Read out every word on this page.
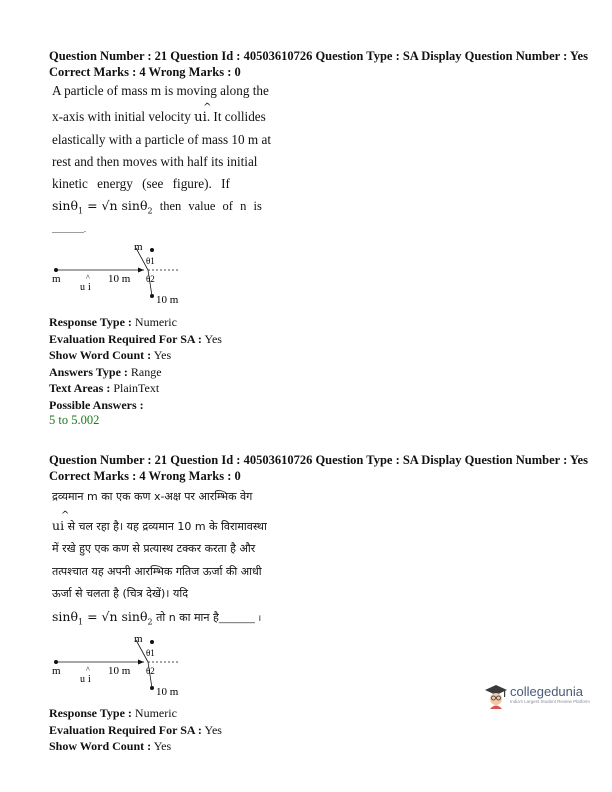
Question Number : 21 Question Id : 40503610726 Question Type : SA Display Question Number : Yes
Correct Marks : 4 Wrong Marks : 0
A particle of mass m is moving along the
x-axis with initial velocity ui
^
. It collides
elastically with a particle of mass 10 m at
rest and then moves with half its initial
kinetic energy (see figure). If
sinθ$_1$ = √n sinθ$_2$ then value of n is
________.
m
u i
^ 10 m
m
θ1
θ2
10 m
Response Type : Numeric
Evaluation Required For SA : Yes
Show Word Count : Yes
Answers Type : Range
Text Areas : PlainText
Possible Answers :
5 to 5.002
Question Number : 21 Question Id : 40503610726 Question Type : SA Display Question Number : Yes
Correct Marks : 4 Wrong Marks : 0
द्रव्यमान m का एक कण x-अक्ष पर आरम्भिक वेग
ui
^
से चल रहा है। यह द्रव्यमान 10 m के विरामावस्था
में रखे हुए एक कण से प्रत्यास्थ टक्कर करता है और
तत्पश्चात यह अपनी आरम्भिक गतिज ऊर्जा की आधी
ऊर्जा से चलता है (चित्र देखें)। यदि
sinθ$_1$ = √n sinθ$_2$ तो n का मान है________ ।
m
u i
^ 10 m
m
θ1
θ2
10 m
Response Type : Numeric
Evaluation Required For SA : Yes
Show Word Count : Yes
collegedunia
India's Largest Student Review Platform
